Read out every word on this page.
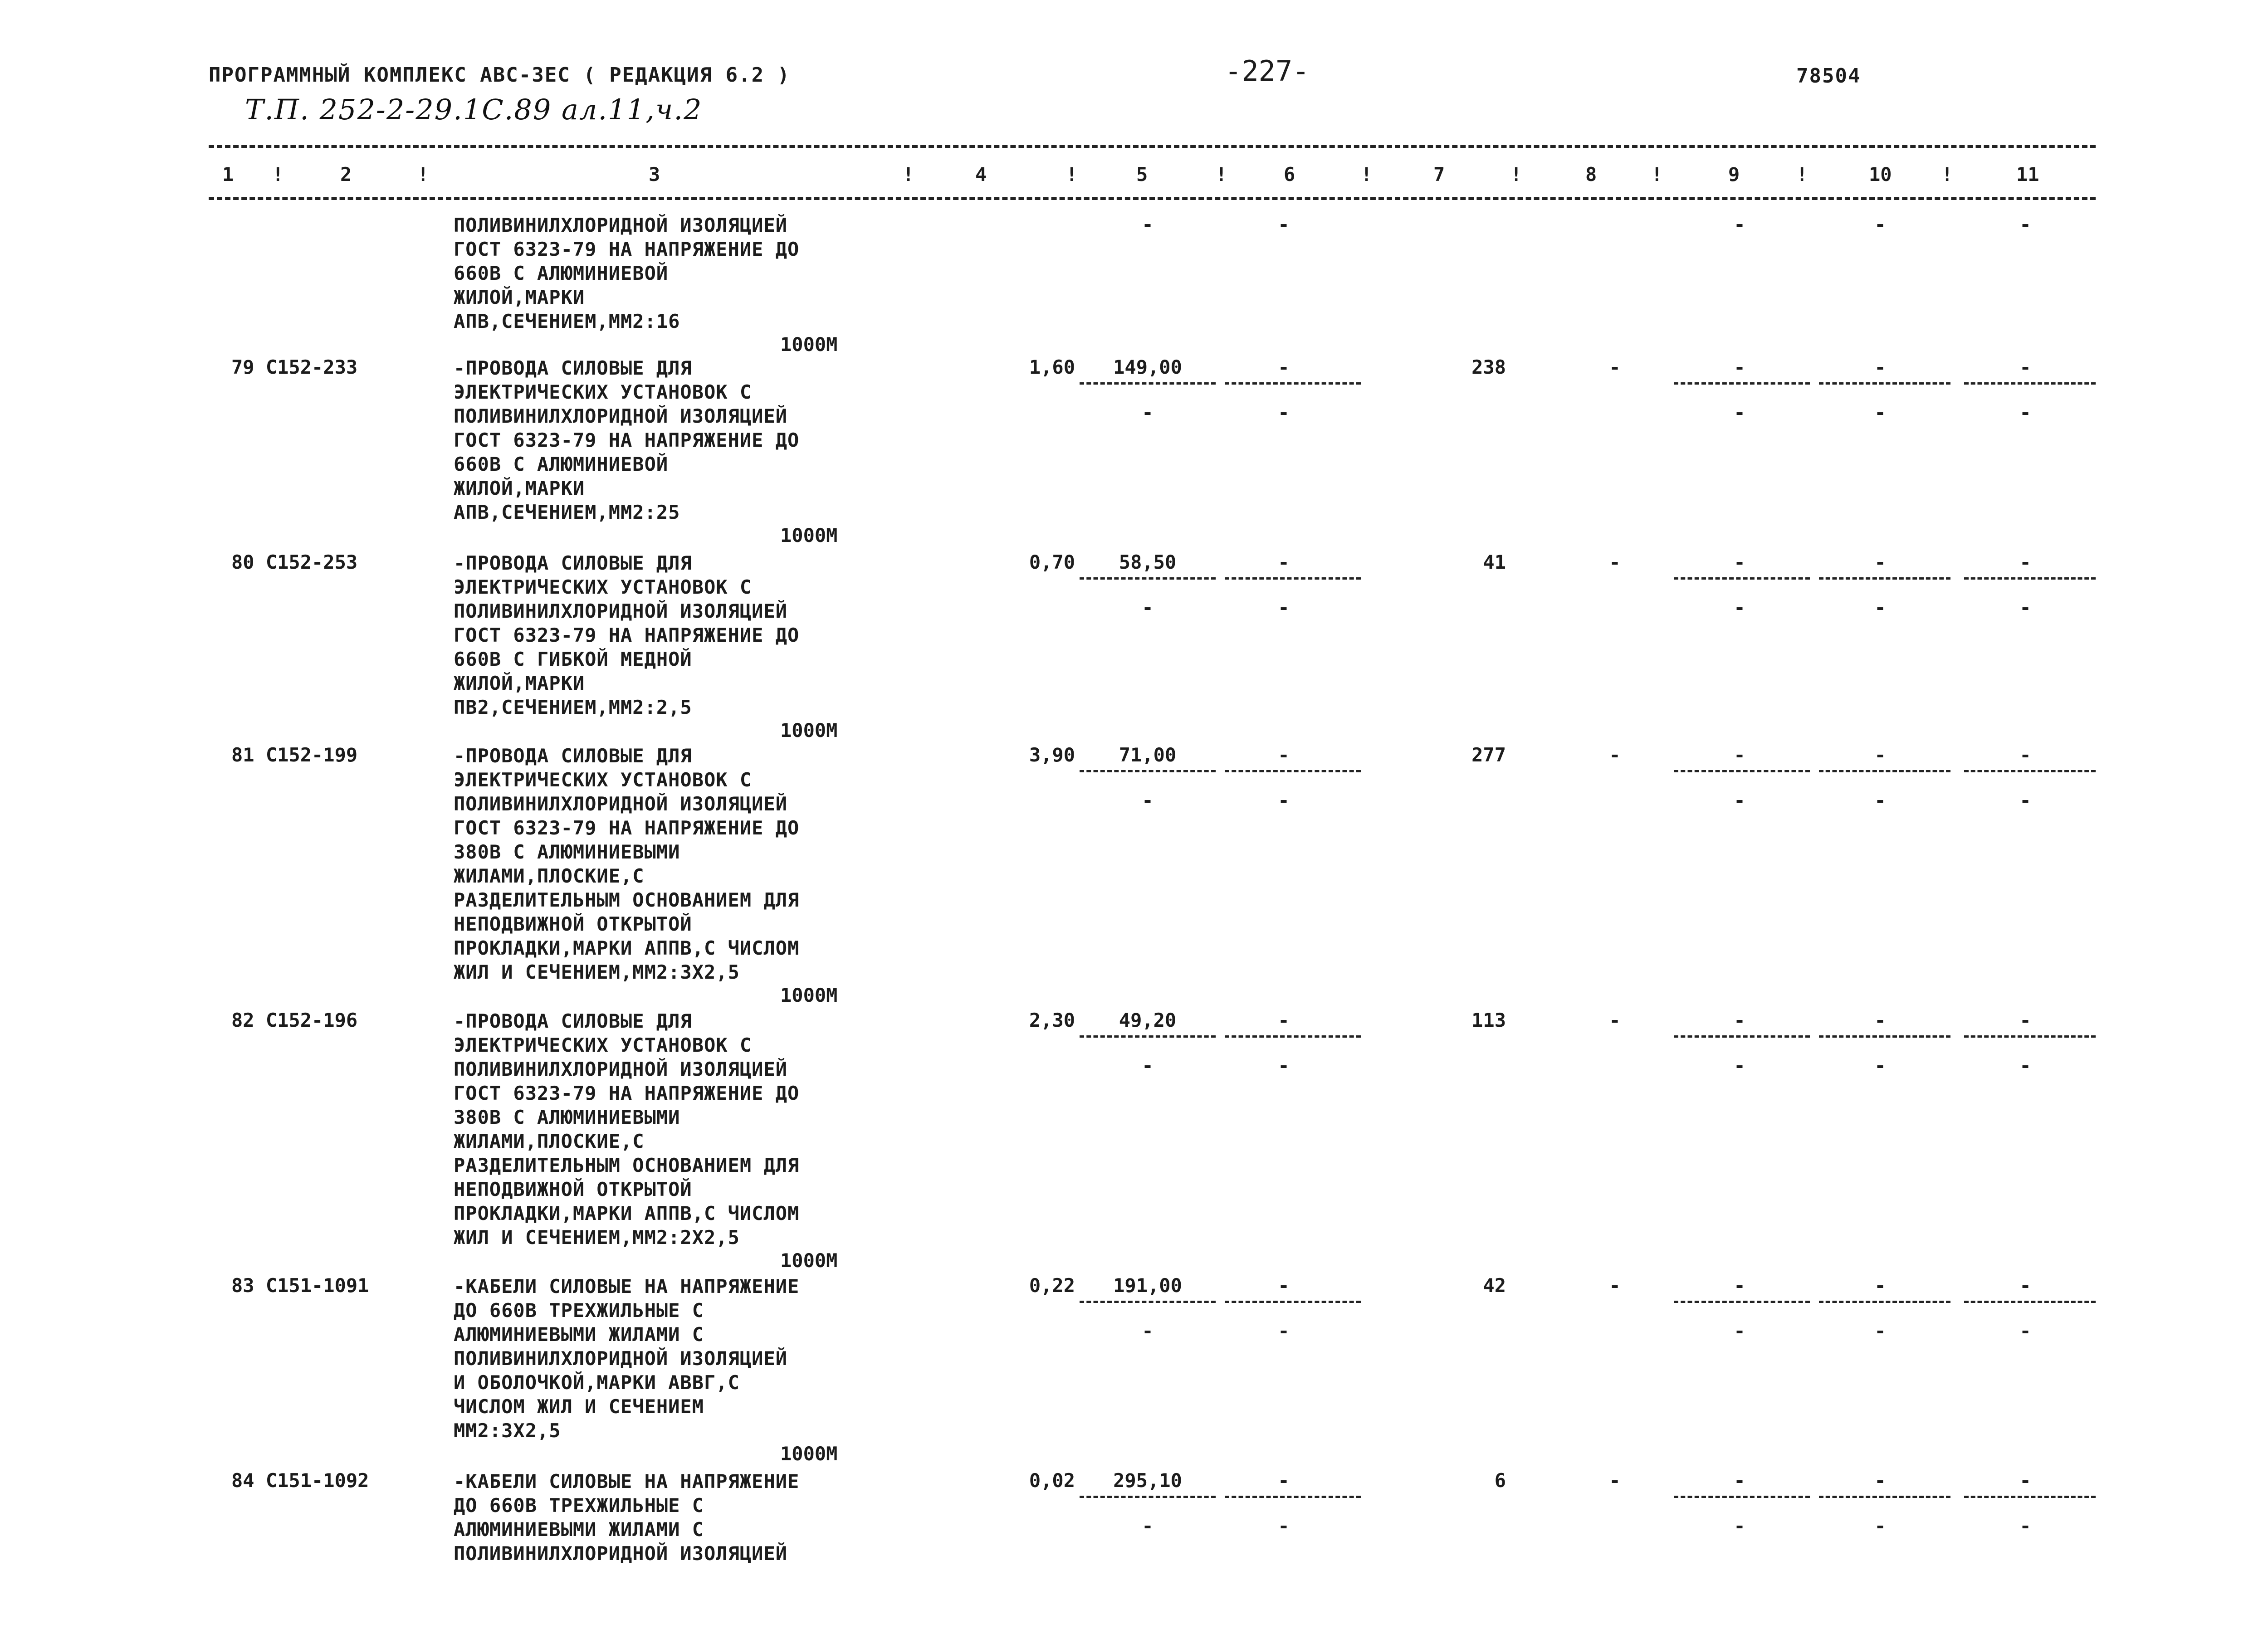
ПРОГРАММНЫЙ КОМПЛЕКС АВС-3ЕС ( РЕДАКЦИЯ 6.2 )	-227-	78504
Т.П. 252-2-29.1С.89 ал.11,ч.2
1	2	3	4	5	6	7	8	9	10	11
!	!	!	!	!	!	!	!	!	!
ПОЛИВИНИЛХЛОРИДНОЙ ИЗОЛЯЦИЕЙ
ГОСТ 6323-79 НА НАПРЯЖЕНИЕ ДО
660В С АЛЮМИНИЕВОЙ
ЖИЛОЙ,МАРКИ
АПВ,СЕЧЕНИЕМ,ММ2:16
1000М
-	-	-	-	-
79 С152-233	-ПРОВОДА СИЛОВЫЕ ДЛЯ
ЭЛЕКТРИЧЕСКИХ УСТАНОВОК С
ПОЛИВИНИЛХЛОРИДНОЙ ИЗОЛЯЦИЕЙ
ГОСТ 6323-79 НА НАПРЯЖЕНИЕ ДО
660В С АЛЮМИНИЕВОЙ
ЖИЛОЙ,МАРКИ
АПВ,СЕЧЕНИЕМ,ММ2:25
1000М
1,60	149,00	-	238	-	-	-	-
-	-	-	-	-
80 С152-253	-ПРОВОДА СИЛОВЫЕ ДЛЯ
ЭЛЕКТРИЧЕСКИХ УСТАНОВОК С
ПОЛИВИНИЛХЛОРИДНОЙ ИЗОЛЯЦИЕЙ
ГОСТ 6323-79 НА НАПРЯЖЕНИЕ ДО
660В С ГИБКОЙ МЕДНОЙ
ЖИЛОЙ,МАРКИ
ПВ2,СЕЧЕНИЕМ,ММ2:2,5
1000М
0,70	58,50	-	41	-	-	-	-
-	-	-	-	-
81 С152-199	-ПРОВОДА СИЛОВЫЕ ДЛЯ
ЭЛЕКТРИЧЕСКИХ УСТАНОВОК С
ПОЛИВИНИЛХЛОРИДНОЙ ИЗОЛЯЦИЕЙ
ГОСТ 6323-79 НА НАПРЯЖЕНИЕ ДО
380В С АЛЮМИНИЕВЫМИ
ЖИЛАМИ,ПЛОСКИЕ,С
РАЗДЕЛИТЕЛЬНЫМ ОСНОВАНИЕМ ДЛЯ
НЕПОДВИЖНОЙ ОТКРЫТОЙ
ПРОКЛАДКИ,МАРКИ АППВ,С ЧИСЛОМ
ЖИЛ И СЕЧЕНИЕМ,ММ2:3Х2,5
1000М
3,90	71,00	-	277	-	-	-	-
-	-	-	-	-
82 С152-196	-ПРОВОДА СИЛОВЫЕ ДЛЯ
ЭЛЕКТРИЧЕСКИХ УСТАНОВОК С
ПОЛИВИНИЛХЛОРИДНОЙ ИЗОЛЯЦИЕЙ
ГОСТ 6323-79 НА НАПРЯЖЕНИЕ ДО
380В С АЛЮМИНИЕВЫМИ
ЖИЛАМИ,ПЛОСКИЕ,С
РАЗДЕЛИТЕЛЬНЫМ ОСНОВАНИЕМ ДЛЯ
НЕПОДВИЖНОЙ ОТКРЫТОЙ
ПРОКЛАДКИ,МАРКИ АППВ,С ЧИСЛОМ
ЖИЛ И СЕЧЕНИЕМ,ММ2:2Х2,5
1000М
2,30	49,20	-	113	-	-	-	-
-	-	-	-	-
83 С151-1091	-КАБЕЛИ СИЛОВЫЕ НА НАПРЯЖЕНИЕ
ДО 660В ТРЕХЖИЛЬНЫЕ С
АЛЮМИНИЕВЫМИ ЖИЛАМИ С
ПОЛИВИНИЛХЛОРИДНОЙ ИЗОЛЯЦИЕЙ
И ОБОЛОЧКОЙ,МАРКИ АВВГ,С
ЧИСЛОМ ЖИЛ И СЕЧЕНИЕМ
ММ2:3Х2,5
1000М
0,22	191,00	-	42	-	-	-	-
-	-	-	-	-
84 С151-1092	-КАБЕЛИ СИЛОВЫЕ НА НАПРЯЖЕНИЕ
ДО 660В ТРЕХЖИЛЬНЫЕ С
АЛЮМИНИЕВЫМИ ЖИЛАМИ С
ПОЛИВИНИЛХЛОРИДНОЙ ИЗОЛЯЦИЕЙ
0,02	295,10	-	6	-	-	-	-
-	-	-	-	-
